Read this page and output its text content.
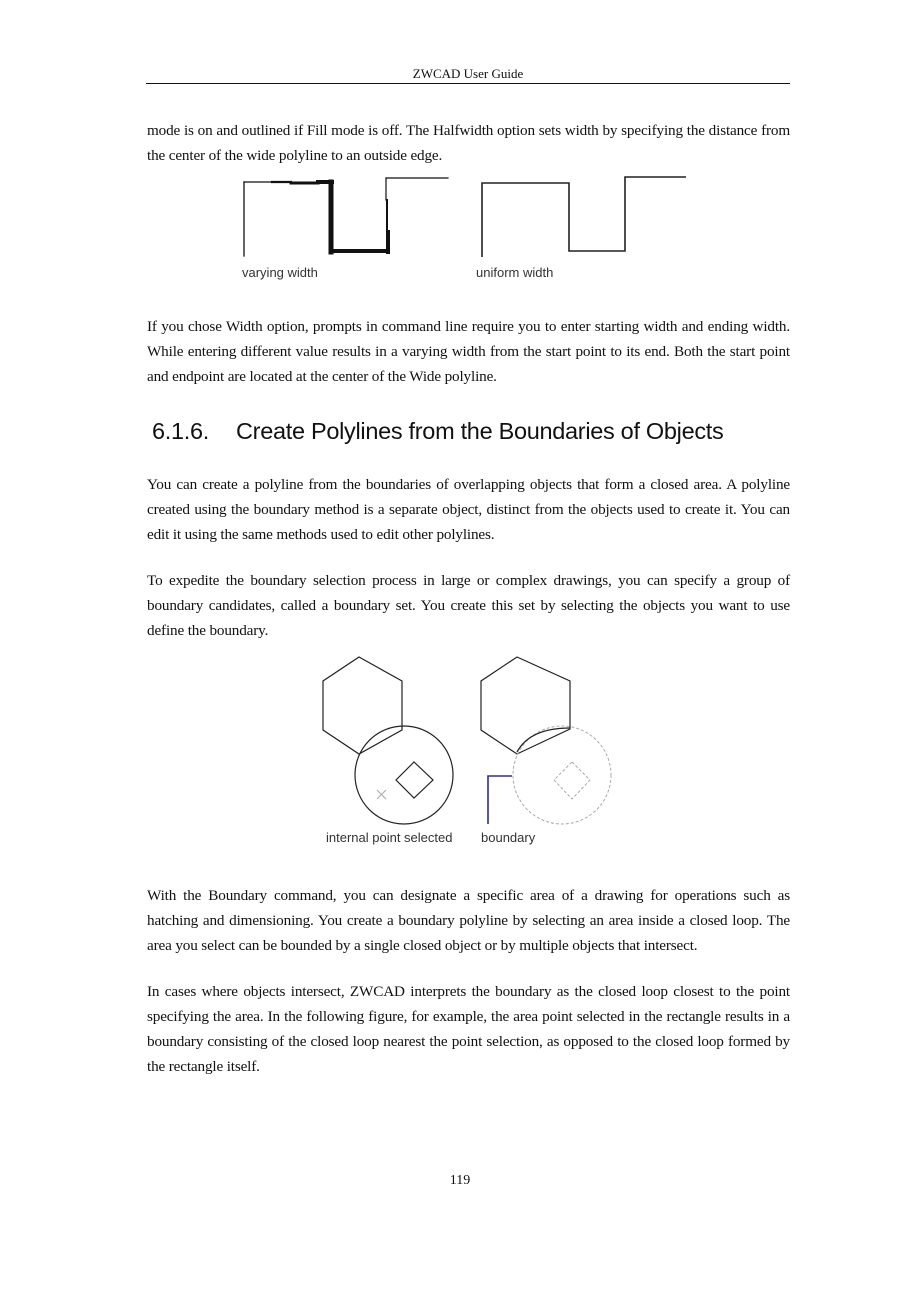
ZWCAD User Guide

mode is on and outlined if Fill mode is off. The Halfwidth option sets width by specifying the distance from the center of the wide polyline to an outside edge.

varying width	uniform width

If you chose Width option, prompts in command line require you to enter starting width and ending width. While entering different value results in a varying width from the start point to its end. Both the start point and endpoint are located at the center of the Wide polyline.

6.1.6. Create Polylines from the Boundaries of Objects

You can create a polyline from the boundaries of overlapping objects that form a closed area. A polyline created using the boundary method is a separate object, distinct from the objects used to create it. You can edit it using the same methods used to edit other polylines.

To expedite the boundary selection process in large or complex drawings, you can specify a group of boundary candidates, called a boundary set. You create this set by selecting the objects you want to use define the boundary.

internal point selected boundary

With the Boundary command, you can designate a specific area of a drawing for operations such as hatching and dimensioning. You create a boundary polyline by selecting an area inside a closed loop. The area you select can be bounded by a single closed object or by multiple objects that intersect.

In cases where objects intersect, ZWCAD interprets the boundary as the closed loop closest to the point specifying the area. In the following figure, for example, the area point selected in the rectangle results in a boundary consisting of the closed loop nearest the point selection, as opposed to the closed loop formed by the rectangle itself.

119
